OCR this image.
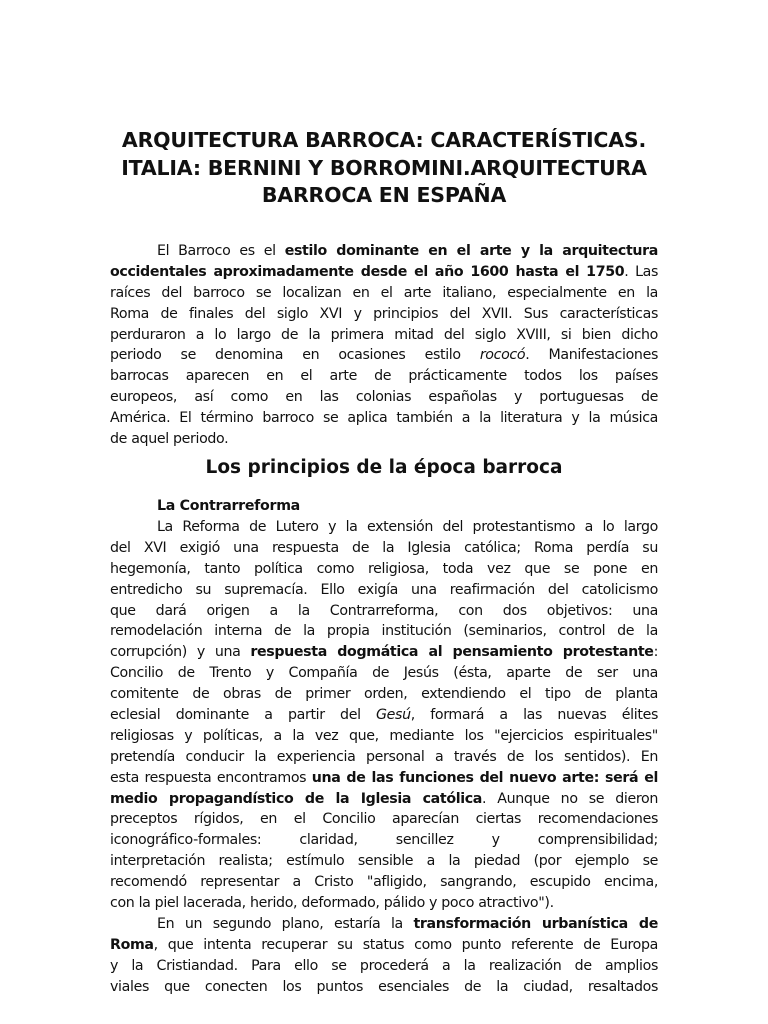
ARQUITECTURA BARROCA: CARACTERÍSTICAS.
ITALIA: BERNINI Y BORROMINI.ARQUITECTURA
BARROCA EN ESPAÑA
El Barroco es el estilo dominante en el arte y la arquitectura
occidentales aproximadamente desde el año 1600 hasta el 1750. Las
raíces del barroco se localizan en el arte italiano, especialmente en la
Roma de finales del siglo XVI y principios del XVII. Sus características
perduraron a lo largo de la primera mitad del siglo XVIII, si bien dicho
periodo se denomina en ocasiones estilo rococó. Manifestaciones
barrocas aparecen en el arte de prácticamente todos los países
europeos, así como en las colonias españolas y portuguesas de
América. El término barroco se aplica también a la literatura y la música
de aquel periodo.
Los principios de la época barroca
La Contrarreforma
La Reforma de Lutero y la extensión del protestantismo a lo largo
del XVI exigió una respuesta de la Iglesia católica; Roma perdía su
hegemonía, tanto política como religiosa, toda vez que se pone en
entredicho su supremacía. Ello exigía una reafirmación del catolicismo
que dará origen a la Contrarreforma, con dos objetivos: una
remodelación interna de la propia institución (seminarios, control de la
corrupción) y una respuesta dogmática al pensamiento protestante:
Concilio de Trento y Compañía de Jesús (ésta, aparte de ser una
comitente de obras de primer orden, extendiendo el tipo de planta
eclesial dominante a partir del Gesú, formará a las nuevas élites
religiosas y políticas, a la vez que, mediante los "ejercicios espirituales"
pretendía conducir la experiencia personal a través de los sentidos). En
esta respuesta encontramos una de las funciones del nuevo arte: será el
medio propagandístico de la Iglesia católica. Aunque no se dieron
preceptos rígidos, en el Concilio aparecían ciertas recomendaciones
iconográfico-formales: claridad, sencillez y comprensibilidad;
interpretación realista; estímulo sensible a la piedad (por ejemplo se
recomendó representar a Cristo "afligido, sangrando, escupido encima,
con la piel lacerada, herido, deformado, pálido y poco atractivo").
En un segundo plano, estaría la transformación urbanística de
Roma, que intenta recuperar su status como punto referente de Europa
y la Cristiandad. Para ello se procederá a la realización de amplios
viales que conecten los puntos esenciales de la ciudad, resaltados
